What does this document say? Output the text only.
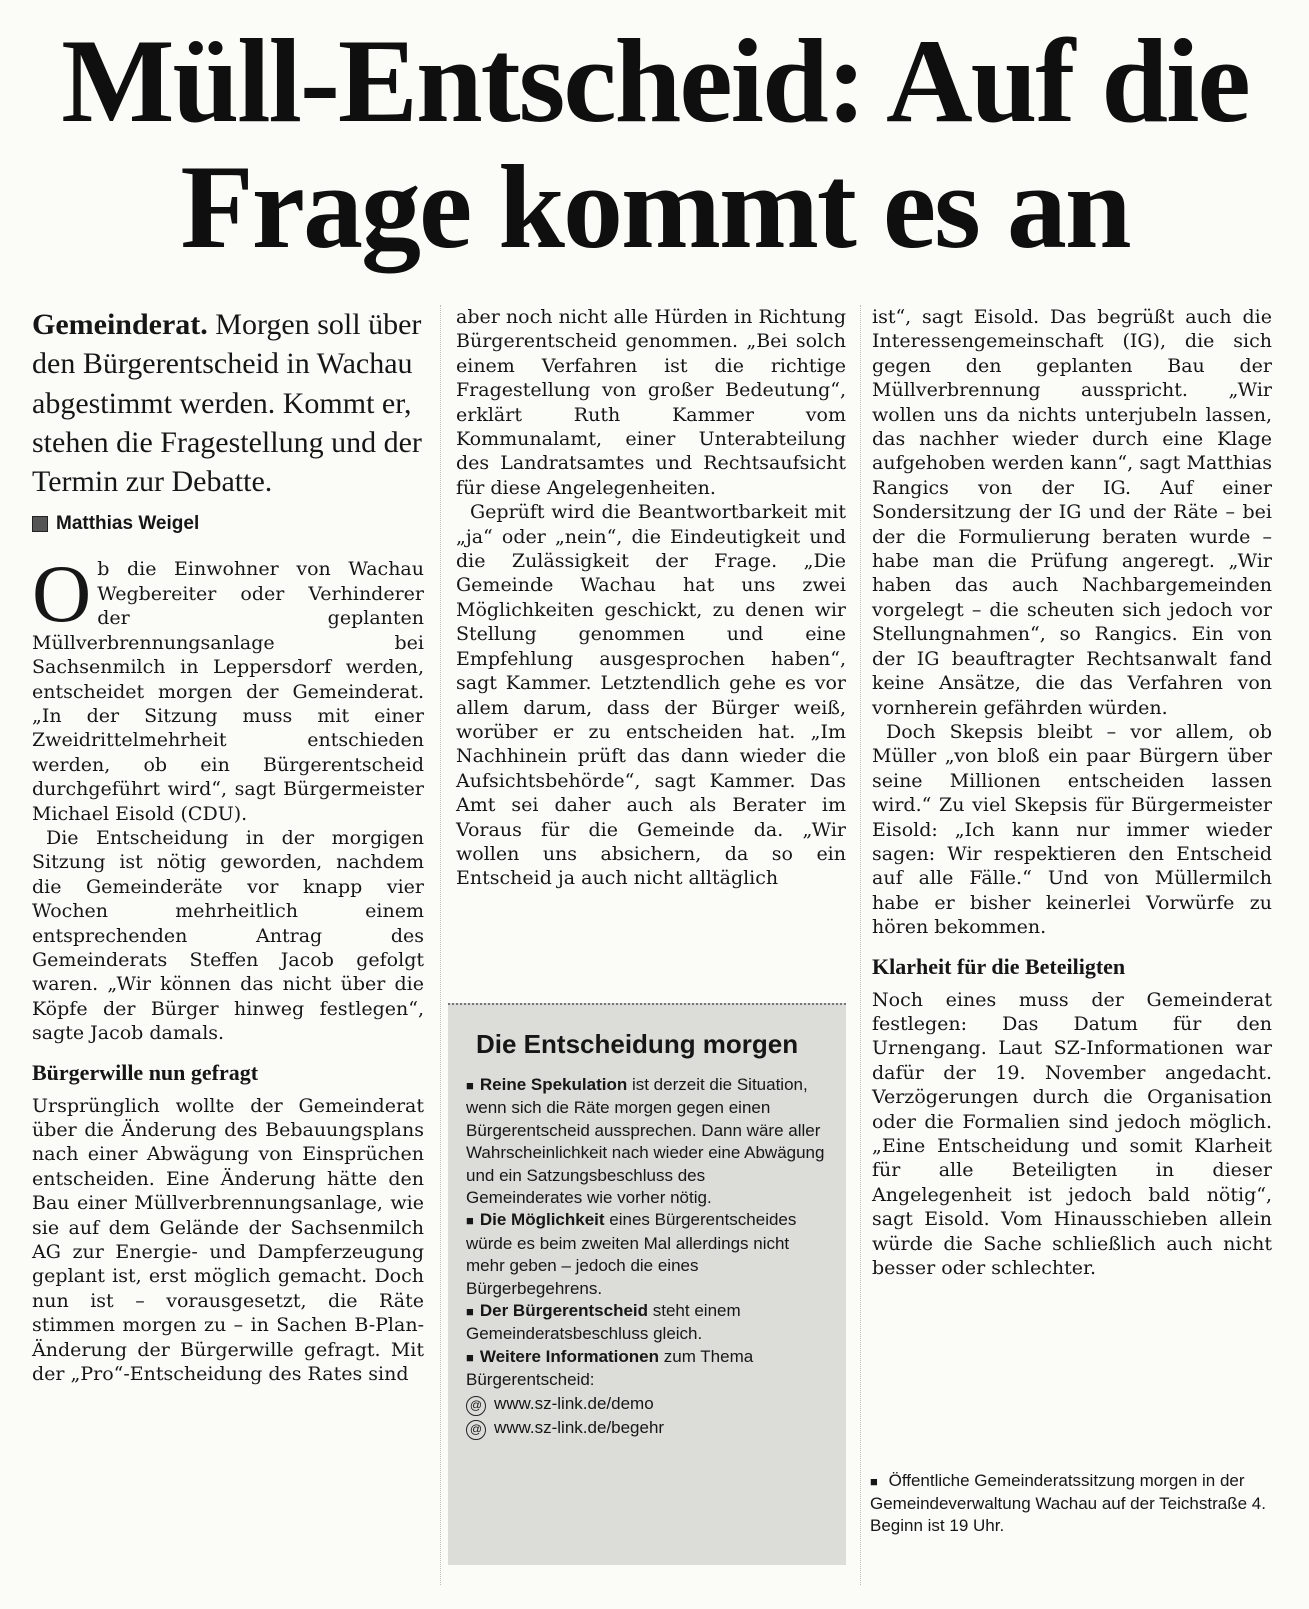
Müll-Entscheid: Auf die Frage kommt es an

Gemeinderat. Morgen soll über den Bürgerentscheid in Wachau abgestimmt werden. Kommt er, stehen die Fragestellung und der Termin zur Debatte.

Matthias Weigel

Ob die Einwohner von Wachau Wegbereiter oder Verhinderer der geplanten Müllverbrennungsanlage bei Sachsenmilch in Leppersdorf werden, entscheidet morgen der Gemeinderat. „In der Sitzung muss mit einer Zweidrittelmehrheit entschieden werden, ob ein Bürgerentscheid durchgeführt wird“, sagt Bürgermeister Michael Eisold (CDU).

Die Entscheidung in der morgigen Sitzung ist nötig geworden, nachdem die Gemeinderäte vor knapp vier Wochen mehrheitlich einem entsprechenden Antrag des Gemeinderats Steffen Jacob gefolgt waren. „Wir können das nicht über die Köpfe der Bürger hinweg festlegen“, sagte Jacob damals.

Bürgerwille nun gefragt

Ursprünglich wollte der Gemeinderat über die Änderung des Bebauungsplans nach einer Abwägung von Einsprüchen entscheiden. Eine Änderung hätte den Bau einer Müllverbrennungsanlage, wie sie auf dem Gelände der Sachsenmilch AG zur Energie- und Dampferzeugung geplant ist, erst möglich gemacht. Doch nun ist – vorausgesetzt, die Räte stimmen morgen zu – in Sachen B-Plan-Änderung der Bürgerwille gefragt. Mit der „Pro“-Entscheidung des Rates sind

aber noch nicht alle Hürden in Richtung Bürgerentscheid genommen. „Bei solch einem Verfahren ist die richtige Fragestellung von großer Bedeutung“, erklärt Ruth Kammer vom Kommunalamt, einer Unterabteilung des Landratsamtes und Rechtsaufsicht für diese Angelegenheiten.

Geprüft wird die Beantwortbarkeit mit „ja“ oder „nein“, die Eindeutigkeit und die Zulässigkeit der Frage. „Die Gemeinde Wachau hat uns zwei Möglichkeiten geschickt, zu denen wir Stellung genommen und eine Empfehlung ausgesprochen haben“, sagt Kammer. Letztendlich gehe es vor allem darum, dass der Bürger weiß, worüber er zu entscheiden hat. „Im Nachhinein prüft das dann wieder die Aufsichtsbehörde“, sagt Kammer. Das Amt sei daher auch als Berater im Voraus für die Gemeinde da. „Wir wollen uns absichern, da so ein Entscheid ja auch nicht alltäglich

Die Entscheidung morgen

■ Reine Spekulation ist derzeit die Situation, wenn sich die Räte morgen gegen einen Bürgerentscheid aussprechen. Dann wäre aller Wahrscheinlichkeit nach wieder eine Abwägung und ein Satzungsbeschluss des Gemeinderates wie vorher nötig.

■ Die Möglichkeit eines Bürgerentscheides würde es beim zweiten Mal allerdings nicht mehr geben – jedoch die eines Bürgerbegehrens.

■ Der Bürgerentscheid steht einem Gemeinderatsbeschluss gleich.

■ Weitere Informationen zum Thema Bürgerentscheid:

@ www.sz-link.de/demo
@ www.sz-link.de/begehr

ist“, sagt Eisold. Das begrüßt auch die Interessengemeinschaft (IG), die sich gegen den geplanten Bau der Müllverbrennung ausspricht. „Wir wollen uns da nichts unterjubeln lassen, das nachher wieder durch eine Klage aufgehoben werden kann“, sagt Matthias Rangics von der IG. Auf einer Sondersitzung der IG und der Räte – bei der die Formulierung beraten wurde – habe man die Prüfung angeregt. „Wir haben das auch Nachbargemeinden vorgelegt – die scheuten sich jedoch vor Stellungnahmen“, so Rangics. Ein von der IG beauftragter Rechtsanwalt fand keine Ansätze, die das Verfahren von vornherein gefährden würden.

Doch Skepsis bleibt – vor allem, ob Müller „von bloß ein paar Bürgern über seine Millionen entscheiden lassen wird.“ Zu viel Skepsis für Bürgermeister Eisold: „Ich kann nur immer wieder sagen: Wir respektieren den Entscheid auf alle Fälle.“ Und von Müllermilch habe er bisher keinerlei Vorwürfe zu hören bekommen.

Klarheit für die Beteiligten

Noch eines muss der Gemeinderat festlegen: Das Datum für den Urnengang. Laut SZ-Informationen war dafür der 19. November angedacht. Verzögerungen durch die Organisation oder die Formalien sind jedoch möglich. „Eine Entscheidung und somit Klarheit für alle Beteiligten in dieser Angelegenheit ist jedoch bald nötig“, sagt Eisold. Vom Hinausschieben allein würde die Sache schließlich auch nicht besser oder schlechter.

■ Öffentliche Gemeinderatssitzung morgen in der Gemeindeverwaltung Wachau auf der Teichstraße 4. Beginn ist 19 Uhr.
